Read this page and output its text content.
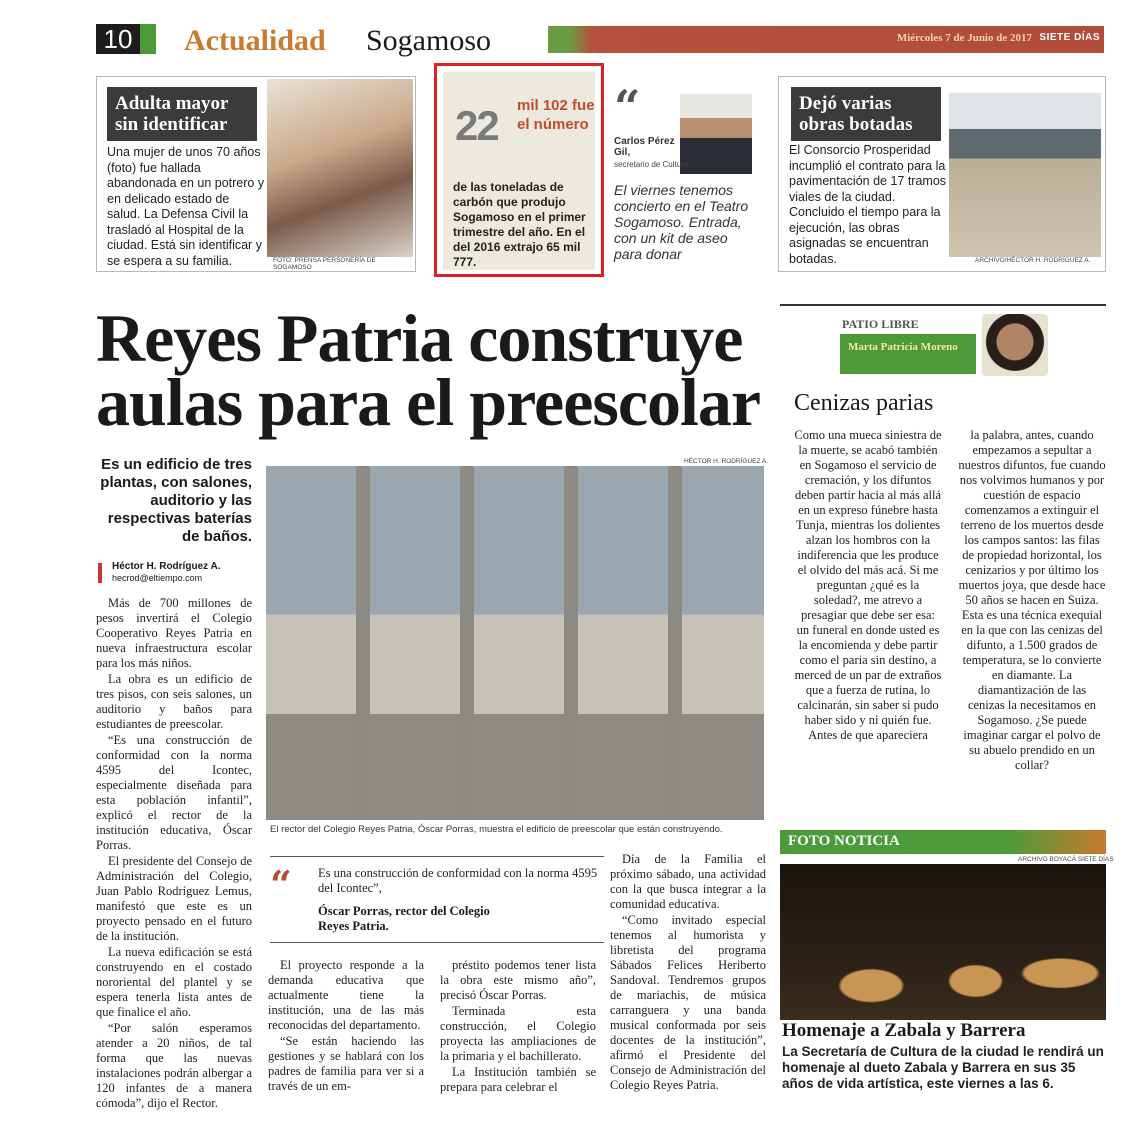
10 Actualidad Sogamoso	Miércoles 7 de Junio de 2017 SIETE DÍAS
Adulta mayor sin identificar
Una mujer de unos 70 años (foto) fue hallada abandonada en un potrero y en delicado estado de salud. La Defensa Civil la trasladó al Hospital de la ciudad. Está sin identificar y se espera a su familia.	FOTO: PRENSA PERSONERÍA DE SOGAMOSO
22 mil 102 fue el número
de las toneladas de carbón que produjo Sogamoso en el primer trimestre del año. En el del 2016 extrajo 65 mil 777.
“
Carlos Pérez Gil,
secretario de Cultura
El viernes tenemos concierto en el Teatro Sogamoso. Entrada, con un kit de aseo para donar
Dejó varias obras botadas
El Consorcio Prosperidad incumplió el contrato para la pavimentación de 17 tramos viales de la ciudad. Concluido el tiempo para la ejecución, las obras asignadas se encuentran botadas.	ARCHIVO/HÉCTOR H. RODRÍGUEZ A.
Reyes Patria construye aulas para el preescolar
Es un edificio de tres plantas, con salones, auditorio y las respectivas baterías de baños.
Héctor H. Rodríguez A.
hecrod@eltiempo.com

Más de 700 millones de pesos invertirá el Colegio Cooperativo Reyes Patria en nueva infraestructura escolar para los más niños.

La obra es un edificio de tres pisos, con seis salones, un auditorio y baños para estudiantes de preescolar.

“Es una construcción de conformidad con la norma 4595 del Icontec, especialmente diseñada para esta población infantil”, explicó el rector de la institución educativa, Óscar Porras.

El presidente del Consejo de Administración del Colegio, Juan Pablo Rodríguez Lemus, manifestó que este es un proyecto pensado en el futuro de la institución.

La nueva edificación se está construyendo en el costado nororiental del plantel y se espera tenerla lista antes de que finalice el año.

“Por salón esperamos atender a 20 niños, de tal forma que las nuevas instalaciones podrán albergar a 120 infantes de a manera cómoda”, dijo el Rector.

HÉCTOR H. RODRÍGUEZ A.
El rector del Colegio Reyes Patria, Óscar Porras, muestra el edificio de preescolar que están construyendo.
“ Es una construcción de conformidad con la norma 4595 del Icontec”,
Óscar Porras, rector del Colegio Reyes Patria.

El proyecto responde a la demanda educativa que actualmente tiene la institución, una de las más reconocidas del departamento.

“Se están haciendo las gestiones y se hablará con los padres de familia para ver si a través de un em-

préstito podemos tener lista la obra este mismo año”, precisó Óscar Porras.

Terminada esta construcción, el Colegio proyecta las ampliaciones de la primaria y el bachillerato.

La Institución también se prepara para celebrar el

Día de la Familia el próximo sábado, una actividad con la que busca integrar a la comunidad educativa.

“Como invitado especial tenemos al humorista y libretista del programa Sábados Felices Heriberto Sandoval. Tendremos grupos de mariachis, de música carranguera y una banda musical conformada por seis docentes de la institución”, afirmó el Presidente del Consejo de Administración del Colegio Reyes Patria.

PATIO LIBRE
Marta Patricia Moreno
Cenizas parias
Como una mueca siniestra de la muerte, se acabó también en Sogamoso el servicio de cremación, y los difuntos deben partir hacia al más allá en un expreso fúnebre hasta Tunja, mientras los dolientes alzan los hombros con la indiferencia que les produce el olvido del más acá. Si me preguntan ¿qué es la soledad?, me atrevo a presagiar que debe ser esa: un funeral en donde usted es la encomienda y debe partir como el paria sin destino, a merced de un par de extraños que a fuerza de rutina, lo calcinarán, sin saber si pudo haber sido y ni quién fue. Antes de que apareciera
la palabra, antes, cuando empezamos a sepultar a nuestros difuntos, fue cuando nos volvimos humanos y por cuestión de espacio comenzamos a extinguir el terreno de los muertos desde los campos santos: las filas de propiedad horizontal, los cenizarios y por último los muertos joya, que desde hace 50 años se hacen en Suiza. Esta es una técnica exequial en la que con las cenizas del difunto, a 1.500 grados de temperatura, se lo convierte en diamante. La diamantización de las cenizas la necesitamos en Sogamoso. ¿Se puede imaginar cargar el polvo de su abuelo prendido en un collar?
FOTO NOTICIA
ARCHIVO BOYACÁ SIETE DÍAS
Homenaje a Zabala y Barrera
La Secretaría de Cultura de la ciudad le rendirá un homenaje al dueto Zabala y Barrera en sus 35 años de vida artística, este viernes a las 6.
